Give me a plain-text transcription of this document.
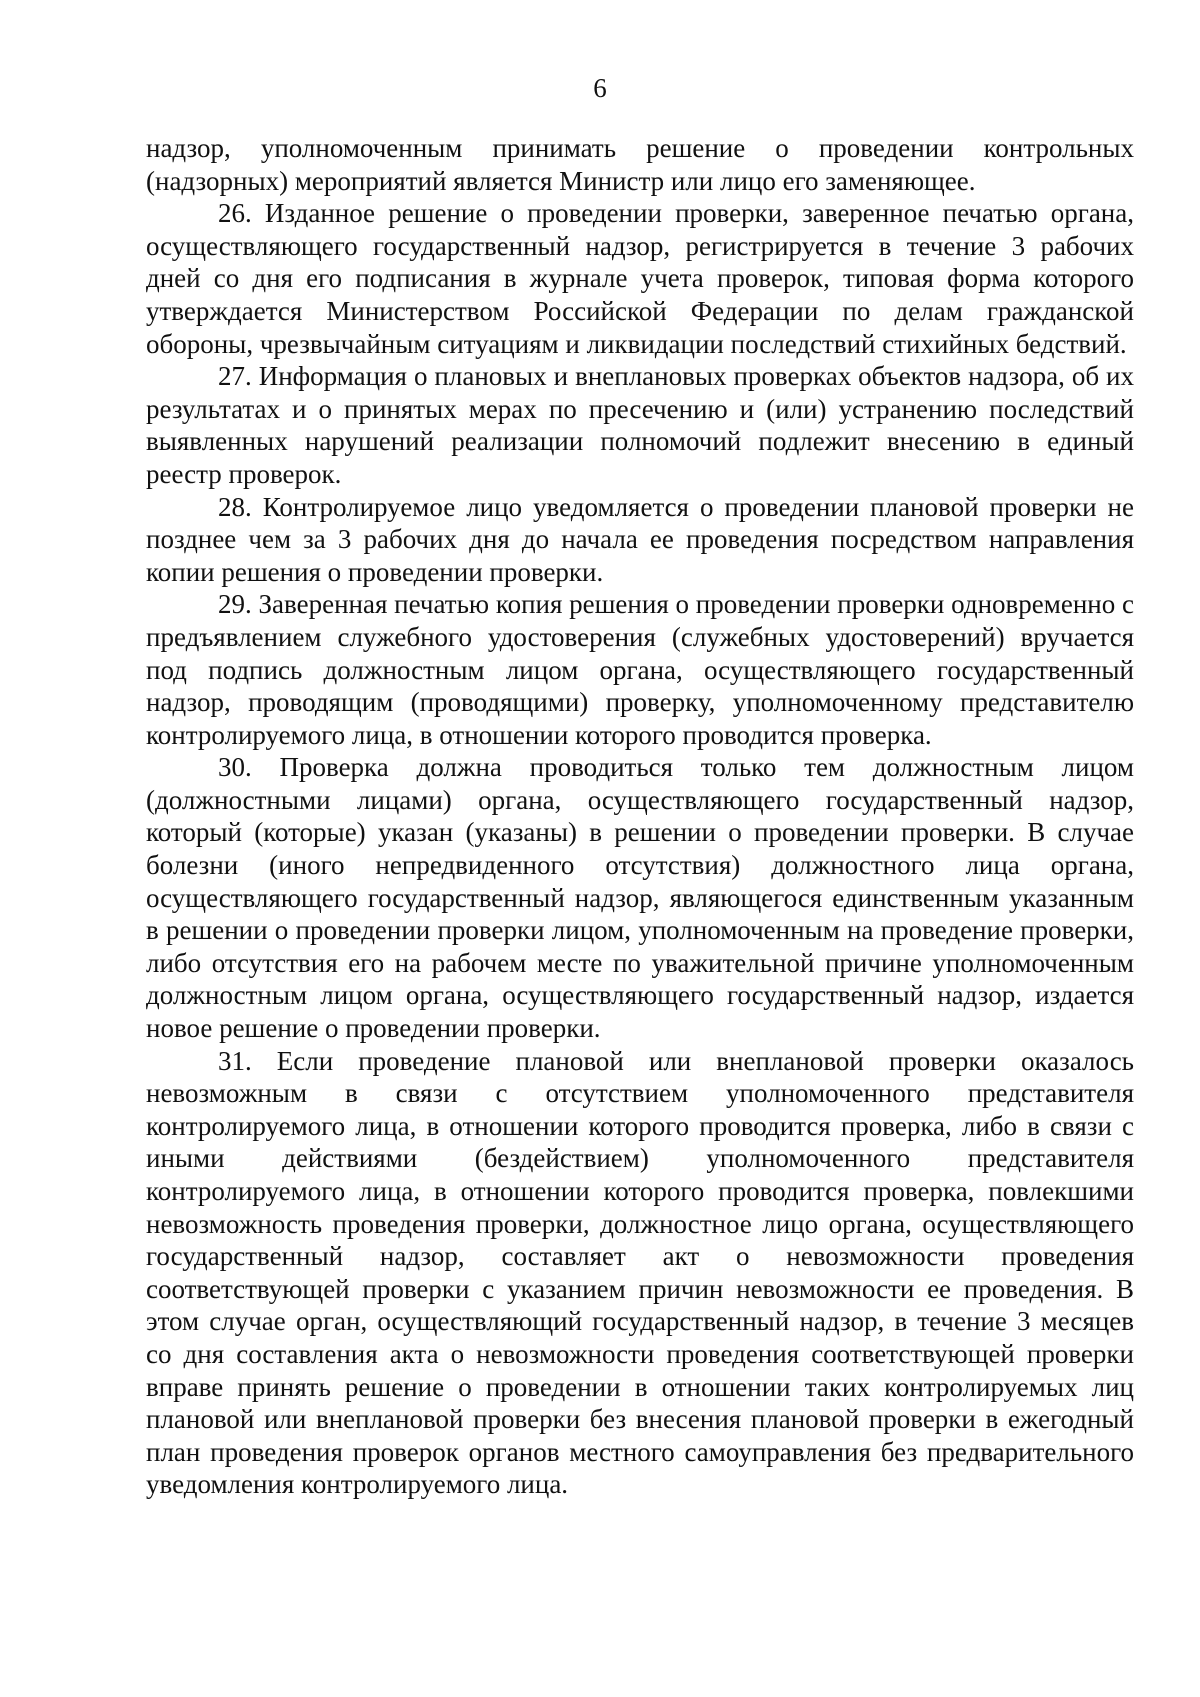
6

надзор, уполномоченным принимать решение о проведении контрольных (надзорных) мероприятий является Министр или лицо его заменяющее.

26. Изданное решение о проведении проверки, заверенное печатью органа, осуществляющего государственный надзор, регистрируется в течение 3 рабочих дней со дня его подписания в журнале учета проверок, типовая форма которого утверждается Министерством Российской Федерации по делам гражданской обороны, чрезвычайным ситуациям и ликвидации последствий стихийных бедствий.

27. Информация о плановых и внеплановых проверках объектов надзора, об их результатах и о принятых мерах по пресечению и (или) устранению последствий выявленных нарушений реализации полномочий подлежит внесению в единый реестр проверок.

28. Контролируемое лицо уведомляется о проведении плановой проверки не позднее чем за 3 рабочих дня до начала ее проведения посредством направления копии решения о проведении проверки.

29. Заверенная печатью копия решения о проведении проверки одновременно с предъявлением служебного удостоверения (служебных удостоверений) вручается под подпись должностным лицом органа, осуществляющего государственный надзор, проводящим (проводящими) проверку, уполномоченному представителю контролируемого лица, в отношении которого проводится проверка.

30. Проверка должна проводиться только тем должностным лицом (должностными лицами) органа, осуществляющего государственный надзор, который (которые) указан (указаны) в решении о проведении проверки. В случае болезни (иного непредвиденного отсутствия) должностного лица органа, осуществляющего государственный надзор, являющегося единственным указанным в решении о проведении проверки лицом, уполномоченным на проведение проверки, либо отсутствия его на рабочем месте по уважительной причине уполномоченным должностным лицом органа, осуществляющего государственный надзор, издается новое решение о проведении проверки.

31. Если проведение плановой или внеплановой проверки оказалось невозможным в связи с отсутствием уполномоченного представителя контролируемого лица, в отношении которого проводится проверка, либо в связи с иными действиями (бездействием) уполномоченного представителя контролируемого лица, в отношении которого проводится проверка, повлекшими невозможность проведения проверки, должностное лицо органа, осуществляющего государственный надзор, составляет акт о невозможности проведения соответствующей проверки с указанием причин невозможности ее проведения. В этом случае орган, осуществляющий государственный надзор, в течение 3 месяцев со дня составления акта о невозможности проведения соответствующей проверки вправе принять решение о проведении в отношении таких контролируемых лиц плановой или внеплановой проверки без внесения плановой проверки в ежегодный план проведения проверок органов местного самоуправления без предварительного уведомления контролируемого лица.
